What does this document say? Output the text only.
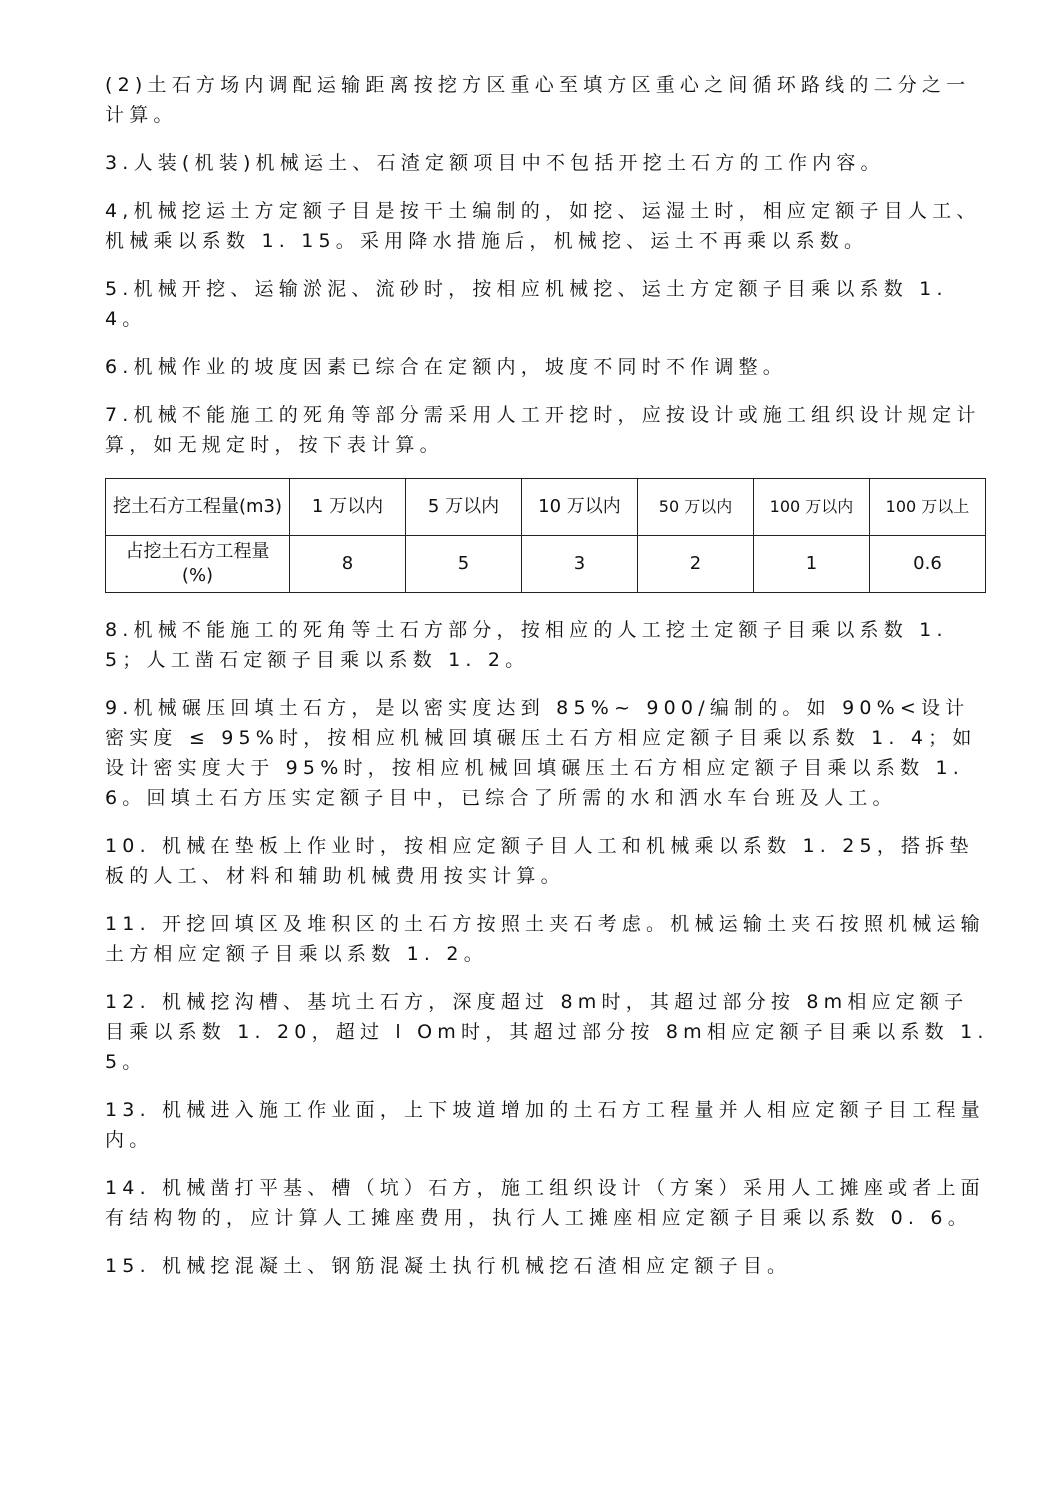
(2)土石方场内调配运输距离按挖方区重心至填方区重心之间循环路线的二分之一计算。

3.人装(机装)机械运土、石渣定额项目中不包括开挖土石方的工作内容。

4,机械挖运土方定额子目是按干土编制的，如挖、运湿土时，相应定额子目人工、机械乘以系数 1. 15。采用降水措施后，机械挖、运土不再乘以系数。

5.机械开挖、运输淤泥、流砂时，按相应机械挖、运土方定额子目乘以系数 1. 4。

6.机械作业的坡度因素已综合在定额内，坡度不同时不作调整。

7.机械不能施工的死角等部分需采用人工开挖时，应按设计或施工组织设计规定计算，如无规定时，按下表计算。

挖土石方工程量(m3)	1 万以内	5 万以内	10 万以内	50 万以内	100 万以内	100 万以上
占挖土石方工程量(%)	8	5	3	2	1	0.6

8.机械不能施工的死角等土石方部分，按相应的人工挖土定额子目乘以系数 1. 5；人工凿石定额子目乘以系数 1. 2。

9.机械碾压回填土石方，是以密实度达到 85%~ 900/编制的。如 90%<设计密实度 ≤ 95%时，按相应机械回填碾压土石方相应定额子目乘以系数 1. 4；如设计密实度大于 95%时，按相应机械回填碾压土石方相应定额子目乘以系数 1. 6。回填土石方压实定额子目中，已综合了所需的水和洒水车台班及人工。

10. 机械在垫板上作业时，按相应定额子目人工和机械乘以系数 1. 25，搭拆垫板的人工、材料和辅助机械费用按实计算。

11. 开挖回填区及堆积区的土石方按照土夹石考虑。机械运输土夹石按照机械运输土方相应定额子目乘以系数 1. 2。

12. 机械挖沟槽、基坑土石方，深度超过 8m时，其超过部分按 8m相应定额子目乘以系数 1. 20，超过 l Om时，其超过部分按 8m相应定额子目乘以系数 1. 5。

13. 机械进入施工作业面，上下坡道增加的土石方工程量并人相应定额子目工程量内。

14. 机械凿打平基、槽（坑）石方，施工组织设计（方案）采用人工摊座或者上面有结构物的，应计算人工摊座费用，执行人工摊座相应定额子目乘以系数 0. 6。

15. 机械挖混凝土、钢筋混凝土执行机械挖石渣相应定额子目。
